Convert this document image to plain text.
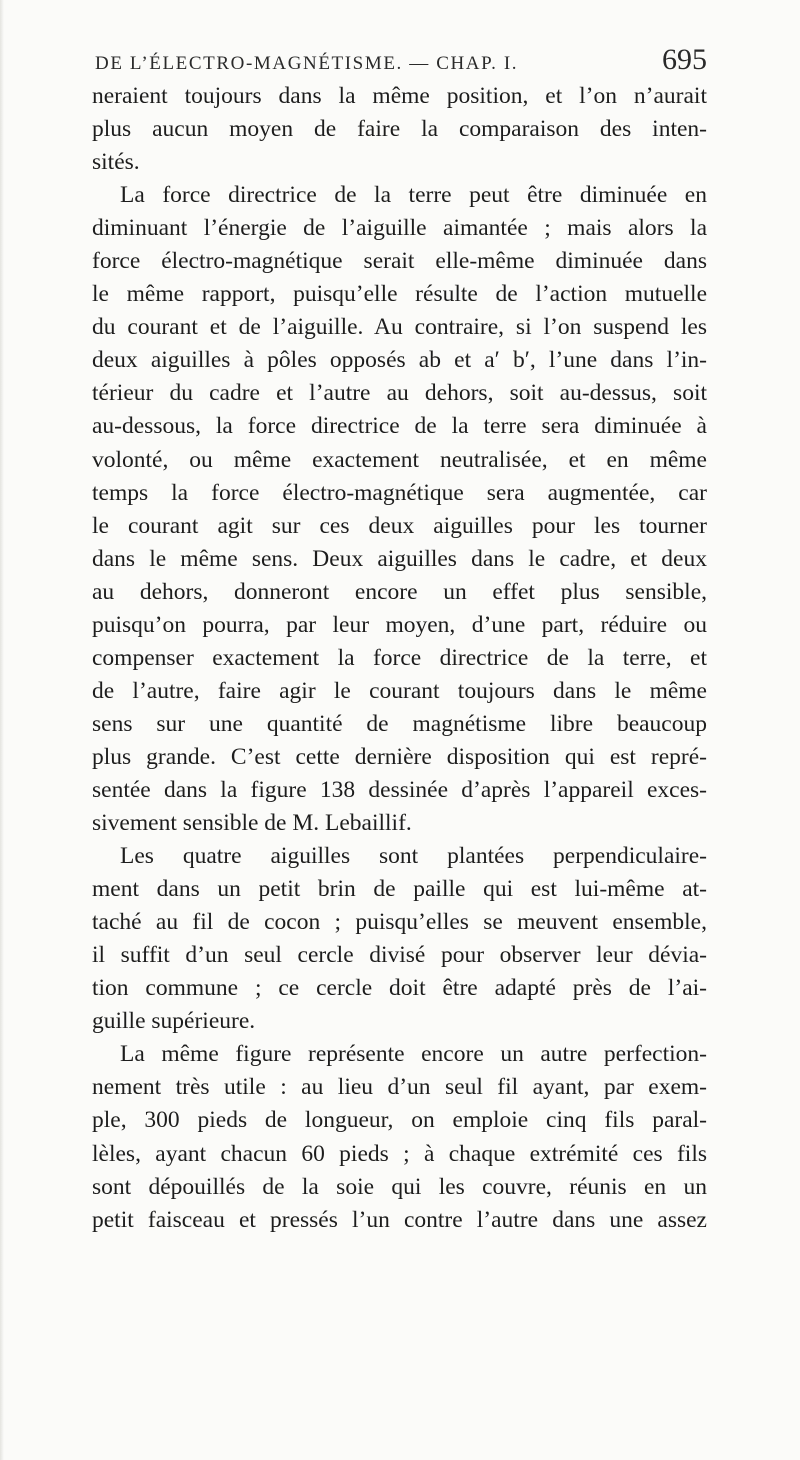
DE L’ÉLECTRO-MAGNÉTISME. — CHAP. I.	695
neraient toujours dans la même position, et l’on n’aurait
plus aucun moyen de faire la comparaison des inten-
sités.
La force directrice de la terre peut être diminuée en
diminuant l’énergie de l’aiguille aimantée ; mais alors la
force électro-magnétique serait elle-même diminuée dans
le même rapport, puisqu’elle résulte de l’action mutuelle
du courant et de l’aiguille. Au contraire, si l’on suspend les
deux aiguilles à pôles opposés ab et a′ b′, l’une dans l’in-
térieur du cadre et l’autre au dehors, soit au-dessus, soit
au-dessous, la force directrice de la terre sera diminuée à
volonté, ou même exactement neutralisée, et en même
temps la force électro-magnétique sera augmentée, car
le courant agit sur ces deux aiguilles pour les tourner
dans le même sens. Deux aiguilles dans le cadre, et deux
au dehors, donneront encore un effet plus sensible,
puisqu’on pourra, par leur moyen, d’une part, réduire ou
compenser exactement la force directrice de la terre, et
de l’autre, faire agir le courant toujours dans le même
sens sur une quantité de magnétisme libre beaucoup
plus grande. C’est cette dernière disposition qui est repré-
sentée dans la figure 138 dessinée d’après l’appareil exces-
sivement sensible de M. Lebaillif.
Les quatre aiguilles sont plantées perpendiculaire-
ment dans un petit brin de paille qui est lui-même at-
taché au fil de cocon ; puisqu’elles se meuvent ensemble,
il suffit d’un seul cercle divisé pour observer leur dévia-
tion commune ; ce cercle doit être adapté près de l’ai-
guille supérieure.
La même figure représente encore un autre perfection-
nement très utile : au lieu d’un seul fil ayant, par exem-
ple, 300 pieds de longueur, on emploie cinq fils paral-
lèles, ayant chacun 60 pieds ; à chaque extrémité ces fils
sont dépouillés de la soie qui les couvre, réunis en un
petit faisceau et pressés l’un contre l’autre dans une assez
